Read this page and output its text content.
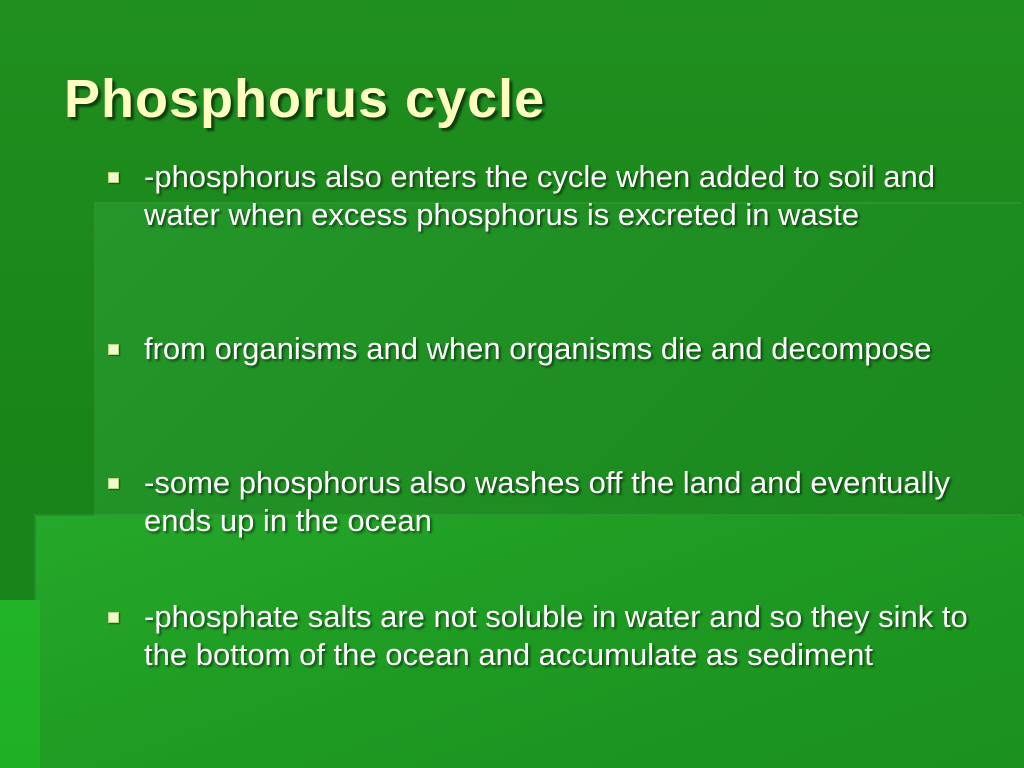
Phosphorus cycle
-phosphorus also enters the cycle when added to soil and water when excess phosphorus is excreted in waste
from organisms and when organisms die and decompose
-some phosphorus also washes off the land and eventually ends up in the ocean
-phosphate salts are not soluble in water and so they sink to the bottom of the ocean and accumulate as sediment
